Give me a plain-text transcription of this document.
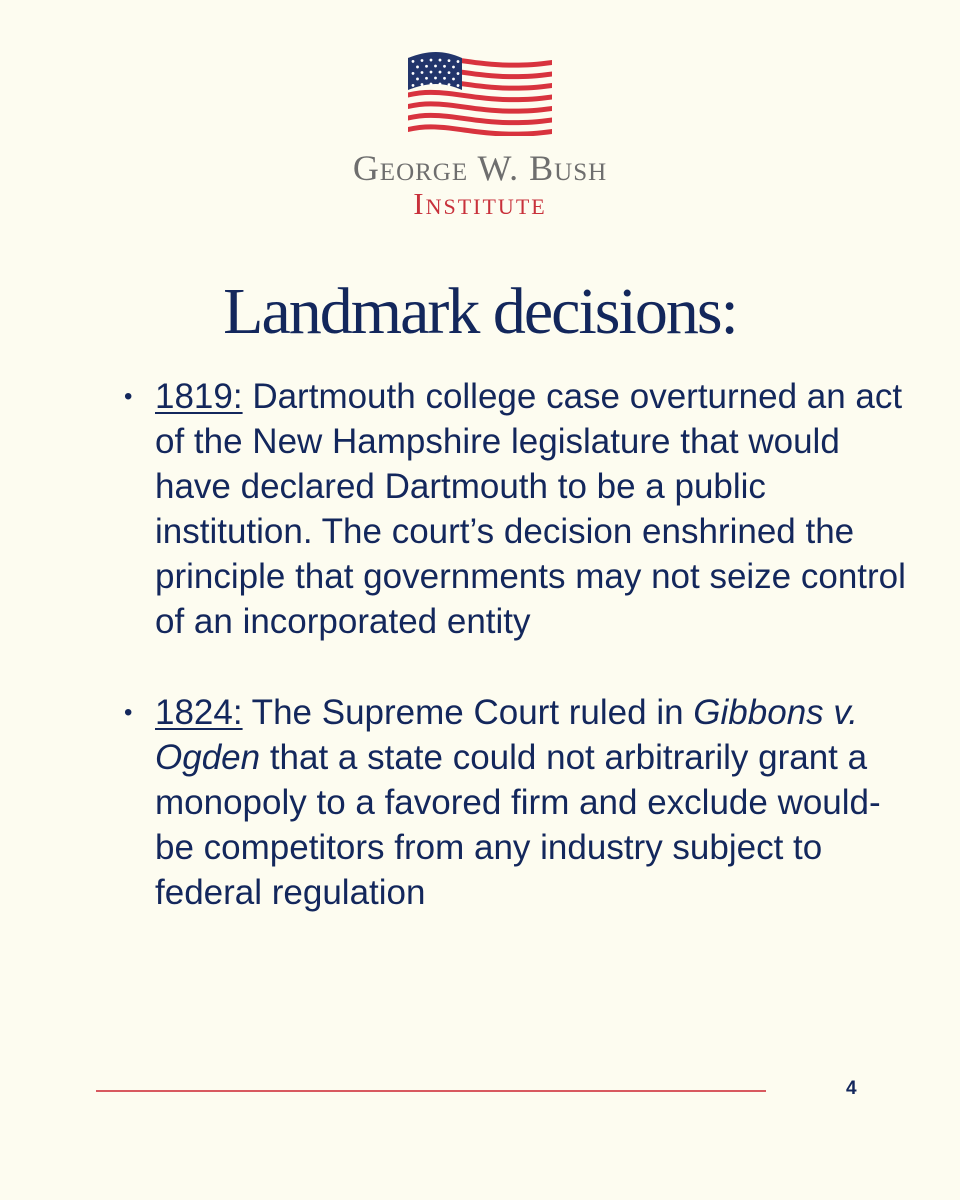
George W. Bush
Institute
Landmark decisions:
• 1819: Dartmouth college case overturned an act of the New Hampshire legislature that would have declared Dartmouth to be a public institution. The court’s decision enshrined the principle that governments may not seize control of an incorporated entity
• 1824: The Supreme Court ruled in Gibbons v. Ogden that a state could not arbitrarily grant a monopoly to a favored firm and exclude would-be competitors from any industry subject to federal regulation
4
